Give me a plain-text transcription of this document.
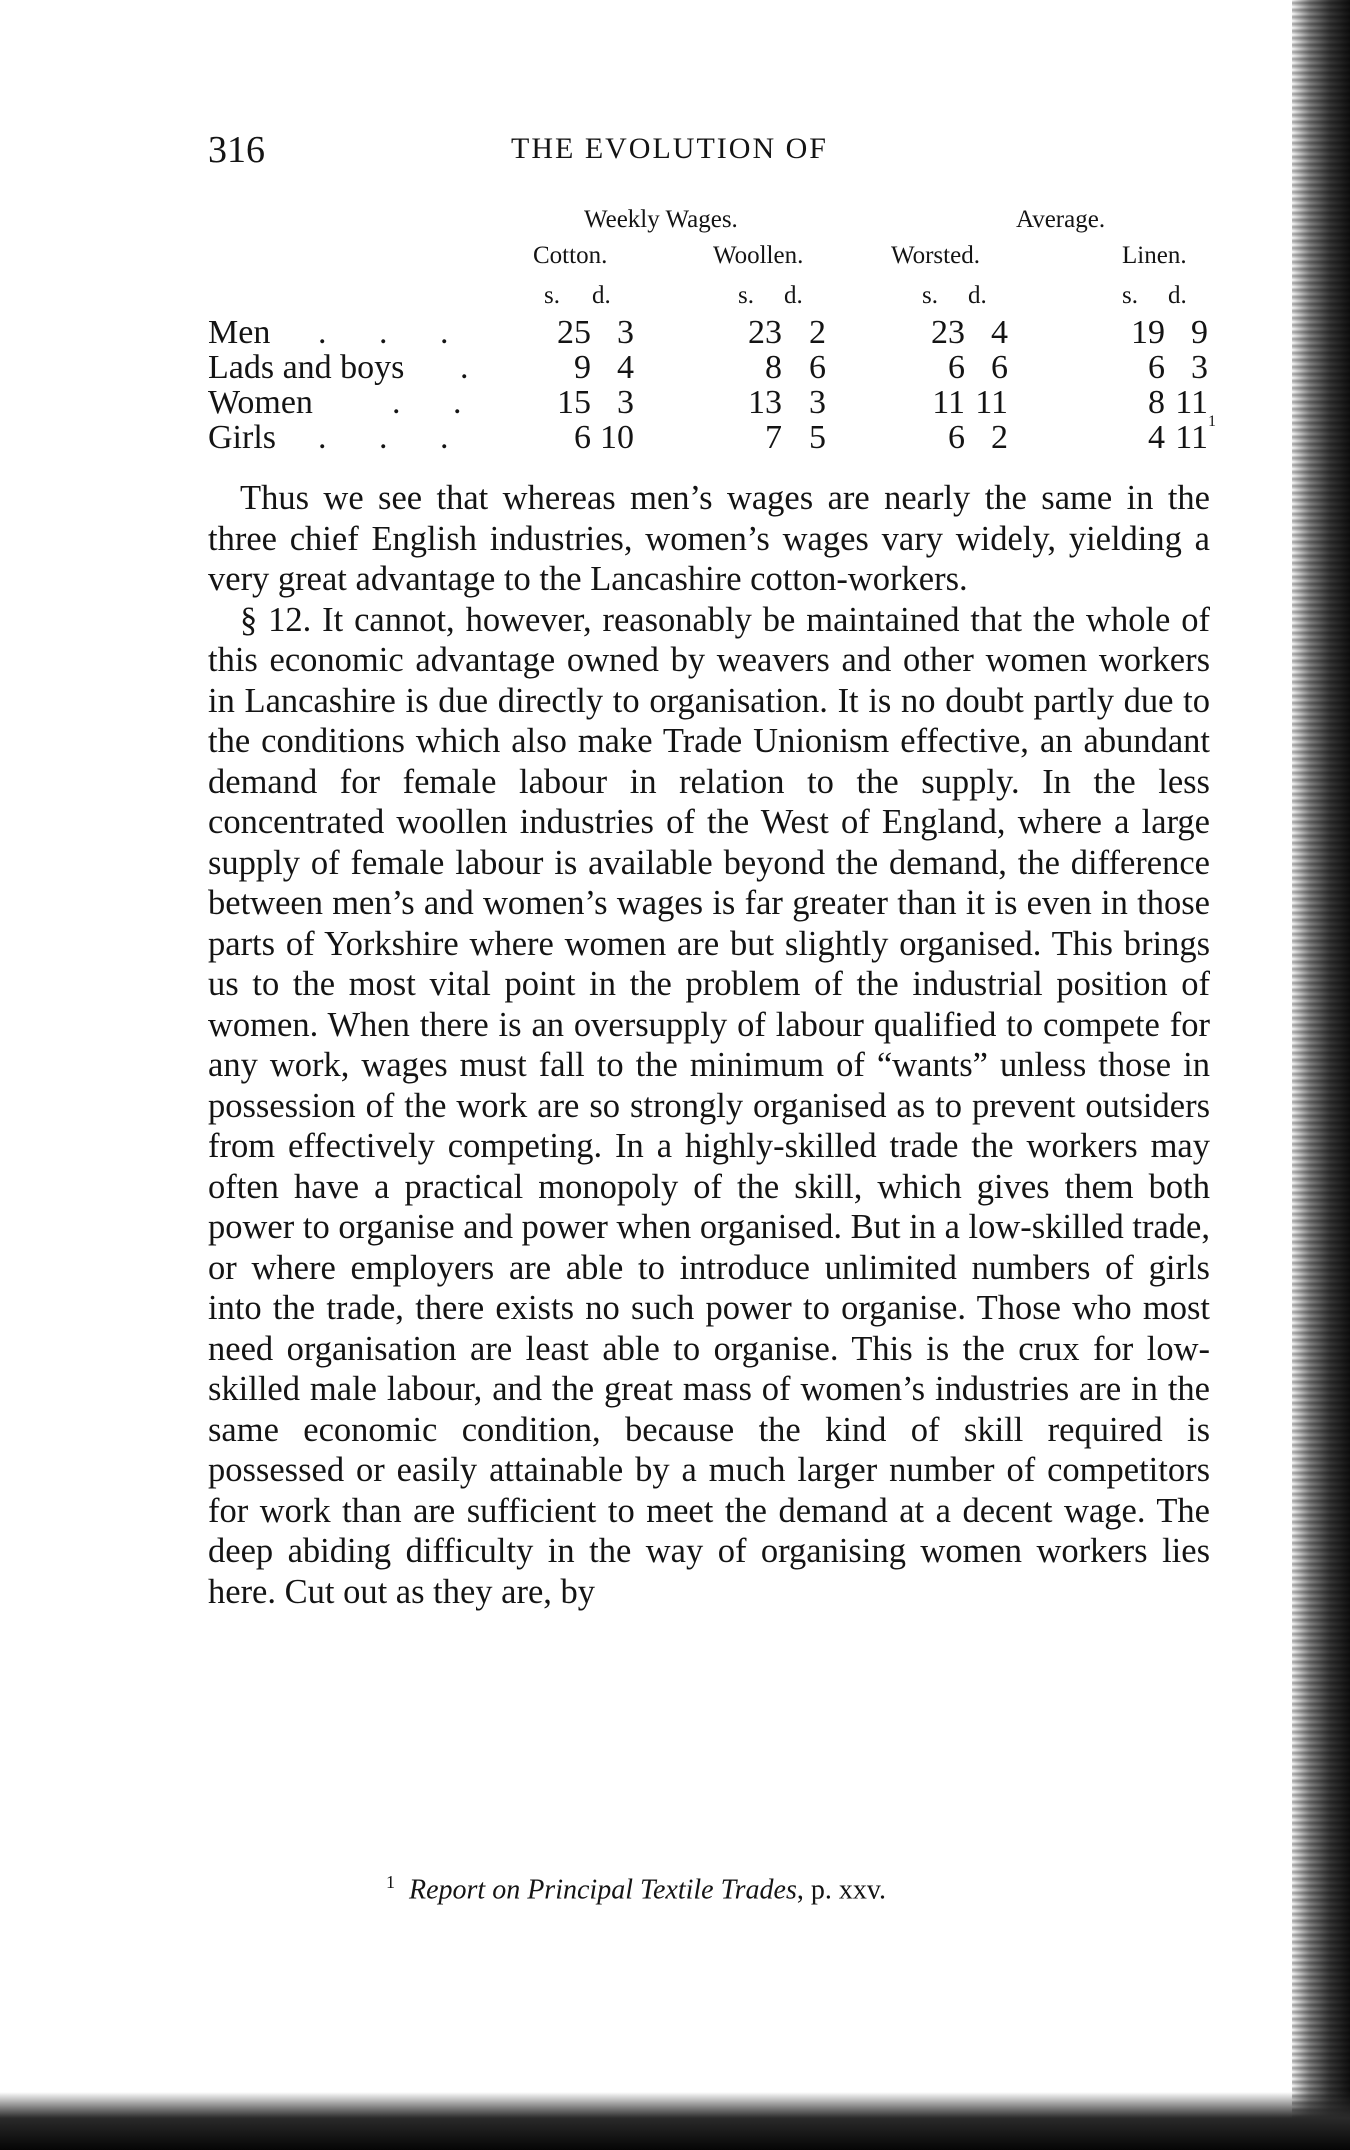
316	THE EVOLUTION OF
Weekly Wages.	Average.
Cotton.	Woollen.	Worsted.	Linen.
s. d.	s. d.	s. d.	s. d.
Men . . .	25 3	23 2	23 4	19 9
Lads and boys .	9 4	8 6	6 6	6 3
Women . . 15 3	13 3	11 11	8 11
Girls . . .	6 10	7 5	6 2	4 11 1

Thus we see that whereas men’s wages are nearly the same in the three chief English industries, women’s wages vary widely, yielding a very great advantage to the Lancashire cotton-workers.

§ 12. It cannot, however, reasonably be maintained that the whole of this economic advantage owned by weavers and other women workers in Lancashire is due directly to organisation. It is no doubt partly due to the conditions which also make Trade Unionism effective, an abundant demand for female labour in relation to the supply. In the less concentrated woollen industries of the West of England, where a large supply of female labour is available beyond the demand, the difference between men’s and women’s wages is far greater than it is even in those parts of Yorkshire where women are but slightly organised. This brings us to the most vital point in the problem of the industrial position of women. When there is an oversupply of labour qualified to compete for any work, wages must fall to the minimum of “wants” unless those in possession of the work are so strongly organised as to prevent outsiders from effectively competing. In a highly-skilled trade the workers may often have a practical monopoly of the skill, which gives them both power to organise and power when organised. But in a low-skilled trade, or where employers are able to introduce unlimited numbers of girls into the trade, there exists no such power to organise. Those who most need organisation are least able to organise. This is the crux for low-skilled male labour, and the great mass of women’s industries are in the same economic condition, because the kind of skill required is possessed or easily attainable by a much larger number of competitors for work than are sufficient to meet the demand at a decent wage. The deep abiding difficulty in the way of organising women workers lies here. Cut out as they are, by

$^1$ Report on Principal Textile Trades, p. xxv.
